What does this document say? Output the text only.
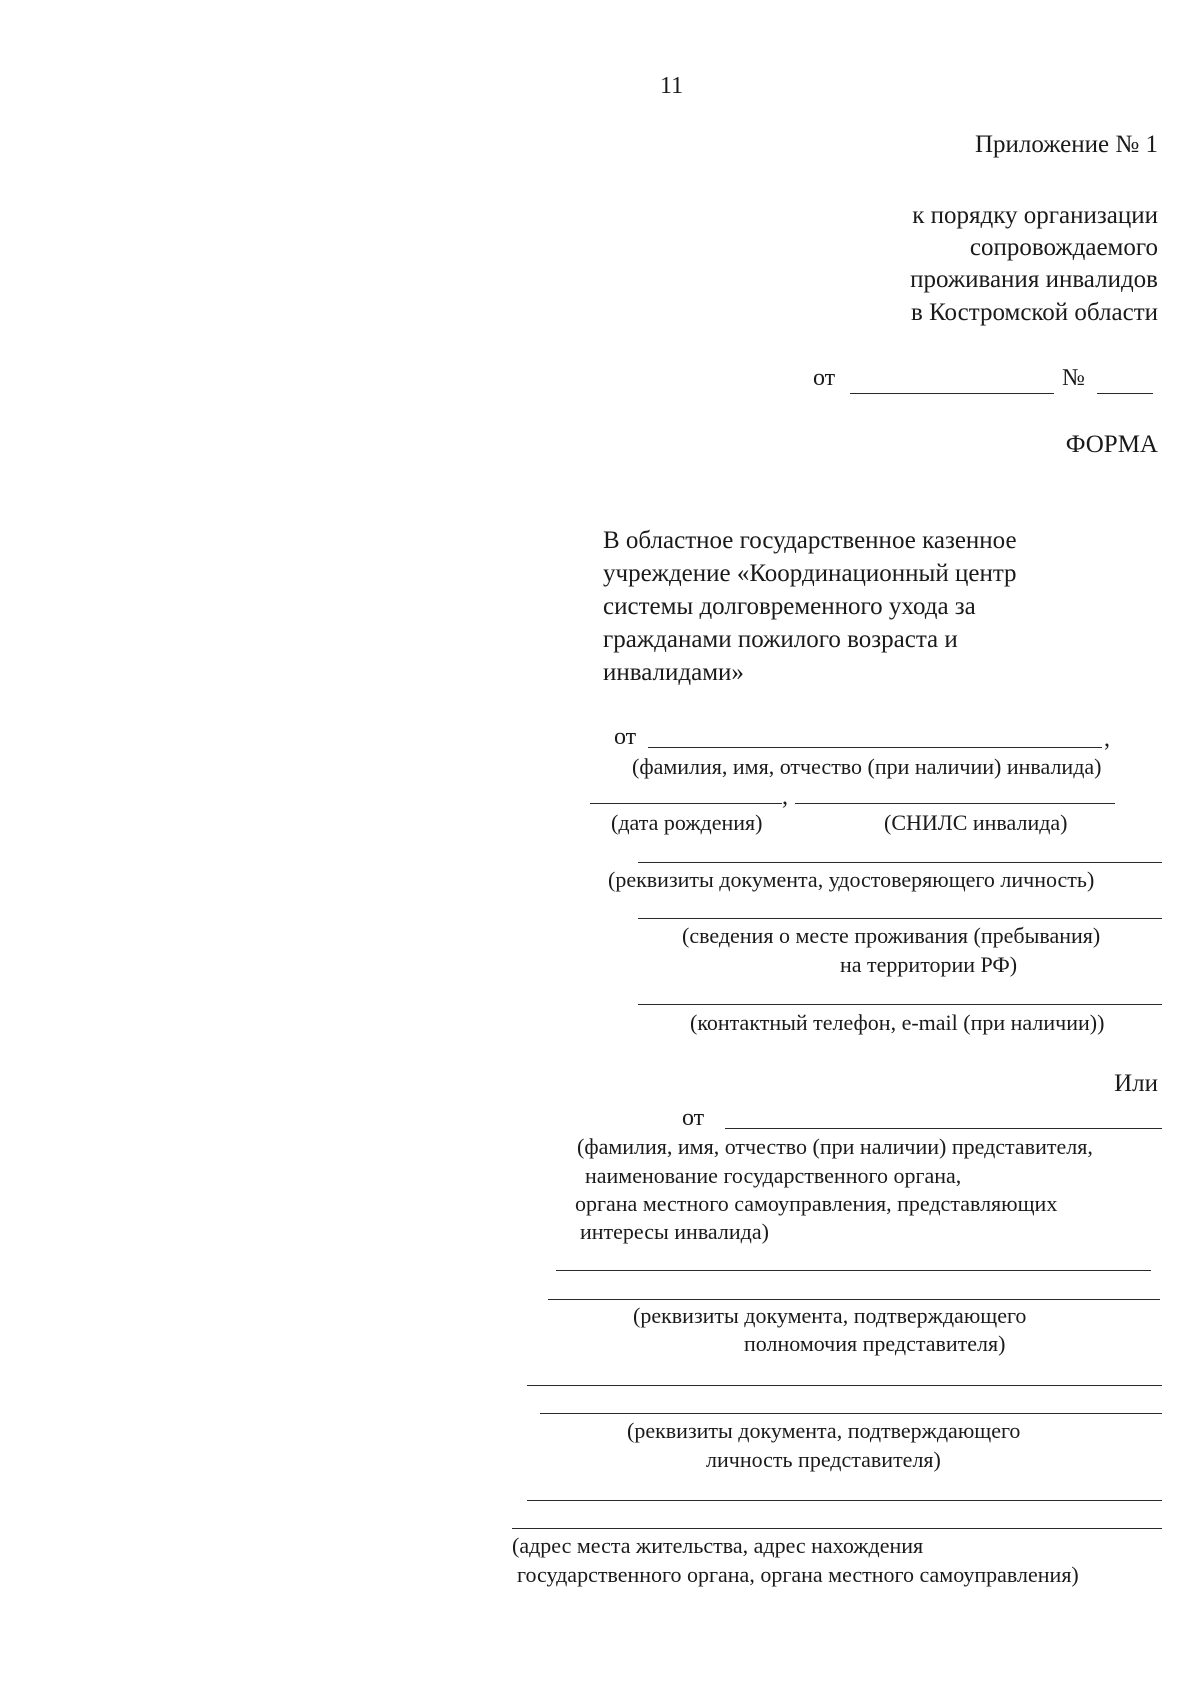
11
Приложение № 1
к порядку организации
сопровождаемого
проживания инвалидов
в Костромской области
от	№
ФОРМА
В областное государственное казенное
учреждение «Координационный центр
системы долговременного ухода за
гражданами пожилого возраста и
инвалидами»
от	,
(фамилия, имя, отчество (при наличии) инвалида)
,
(дата рождения)	(СНИЛС инвалида)
(реквизиты документа, удостоверяющего личность)
(сведения о месте проживания (пребывания)
на территории РФ)
(контактный телефон, e-mail (при наличии))
Или
от
(фамилия, имя, отчество (при наличии) представителя,
наименование государственного органа,
органа местного самоуправления, представляющих
интересы инвалида)
(реквизиты документа, подтверждающего
полномочия представителя)
(реквизиты документа, подтверждающего
личность представителя)
(адрес места жительства, адрес нахождения
государственного органа, органа местного самоуправления)
